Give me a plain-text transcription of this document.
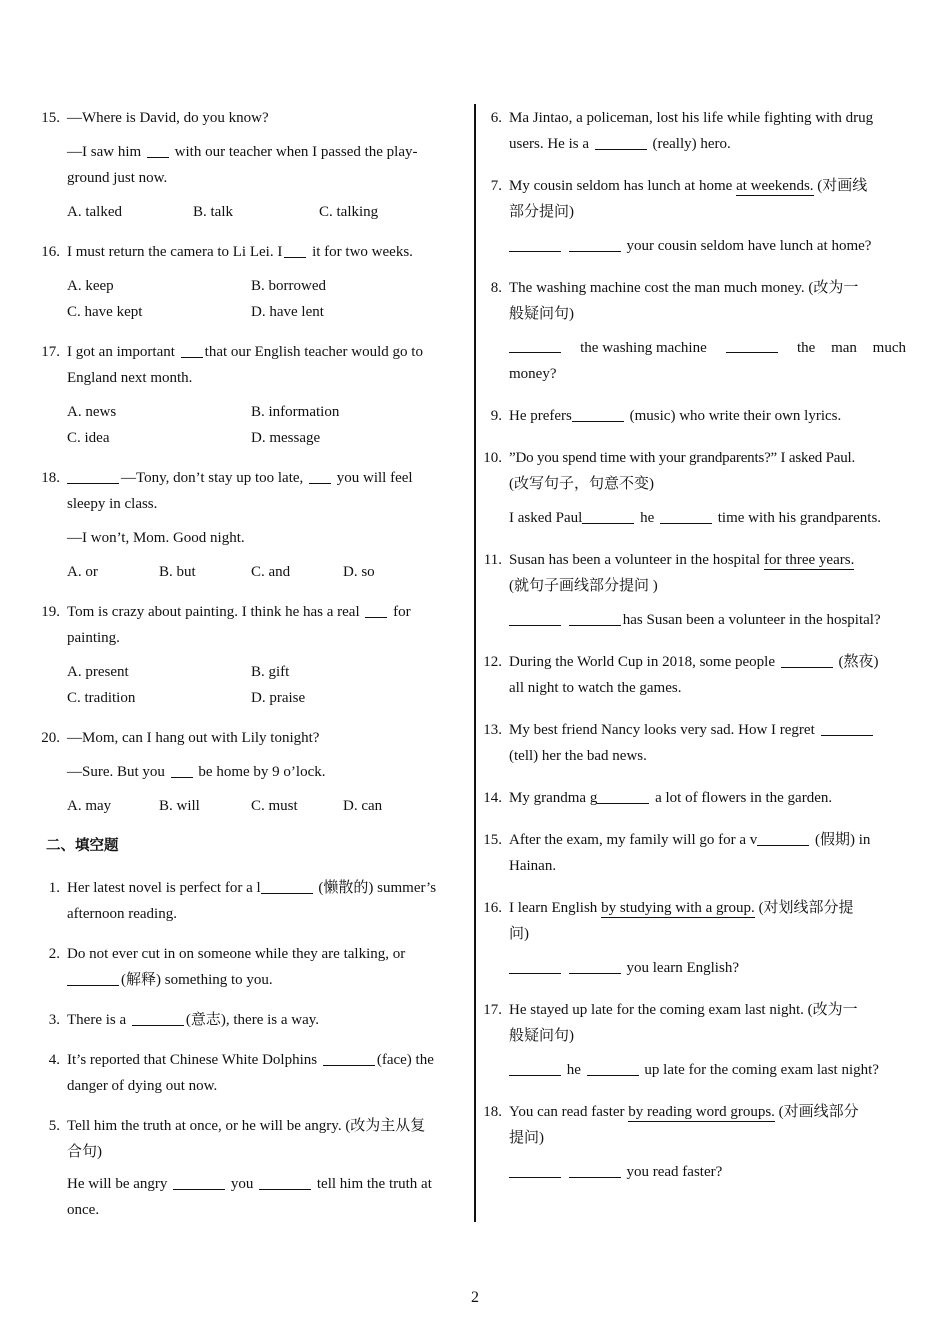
15. —Where is David, do you know?
—I saw him with our teacher when I passed the play-
ground just now.
A. talked	B. talk	C. talking
16. I must return the camera to Li Lei. I it for two weeks.
A. keep	B. borrowed
C. have kept	D. have lent
17. I got an important that our English teacher would go to
England next month.
A. news	B. information
C. idea	D. message
18.	—Tony, don’t stay up too late, you will feel
sleepy in class.
—I won’t, Mom. Good night.
A. or	B. but	C. and	D. so
19. Tom is crazy about painting. I think he has a real for
painting.
A. present	B. gift
C. tradition	D. praise
20. —Mom, can I hang out with Lily tonight?
—Sure. But you be home by 9 o’lock.
A. may	B. will	C. must	D. can
二、填空题
1. Her latest novel is perfect for a l	(懒散的) summer’s
afternoon reading.
2. Do not ever cut in on someone while they are talking, or
(解释) something to you.
3. There is a	(意志), there is a way.
4. It’s reported that Chinese White Dolphins	(face) the
danger of dying out now.
5. Tell him the truth at once, or he will be angry. (改为主从复
合句)
He will be angry	you	tell him the truth at
once.
6. Ma Jintao, a policeman, lost his life while fighting with drug
users. He is a	(really) hero.
7. My cousin seldom has lunch at home at weekends. (对画线
部分提问)
your cousin seldom have lunch at home?
8. The washing machine cost the man much money. (改为一
般疑问句)
the washing machine	the man much
money?
9. He prefers	(music) who write their own lyrics.
10. ”Do you spend time with your grandparents?” I asked Paul.
(改写句子，句意不变)
I asked Paul	he	time with his grandparents.
11. Susan has been a volunteer in the hospital for three years.
(就句子画线部分提问 )
has Susan been a volunteer in the hospital?
12. During the World Cup in 2018, some people	(熬夜)
all night to watch the games.
13. My best friend Nancy looks very sad. How I regret
(tell) her the bad news.
14. My grandma g	a lot of flowers in the garden.
15. After the exam, my family will go for a v	(假期) in
Hainan.
16. I learn English by studying with a group. (对划线部分提
问)
you learn English?
17. He stayed up late for the coming exam last night. (改为一
般疑问句)
he	up late for the coming exam last night?
18. You can read faster by reading word groups. (对画线部分
提问)
you read faster?
2
